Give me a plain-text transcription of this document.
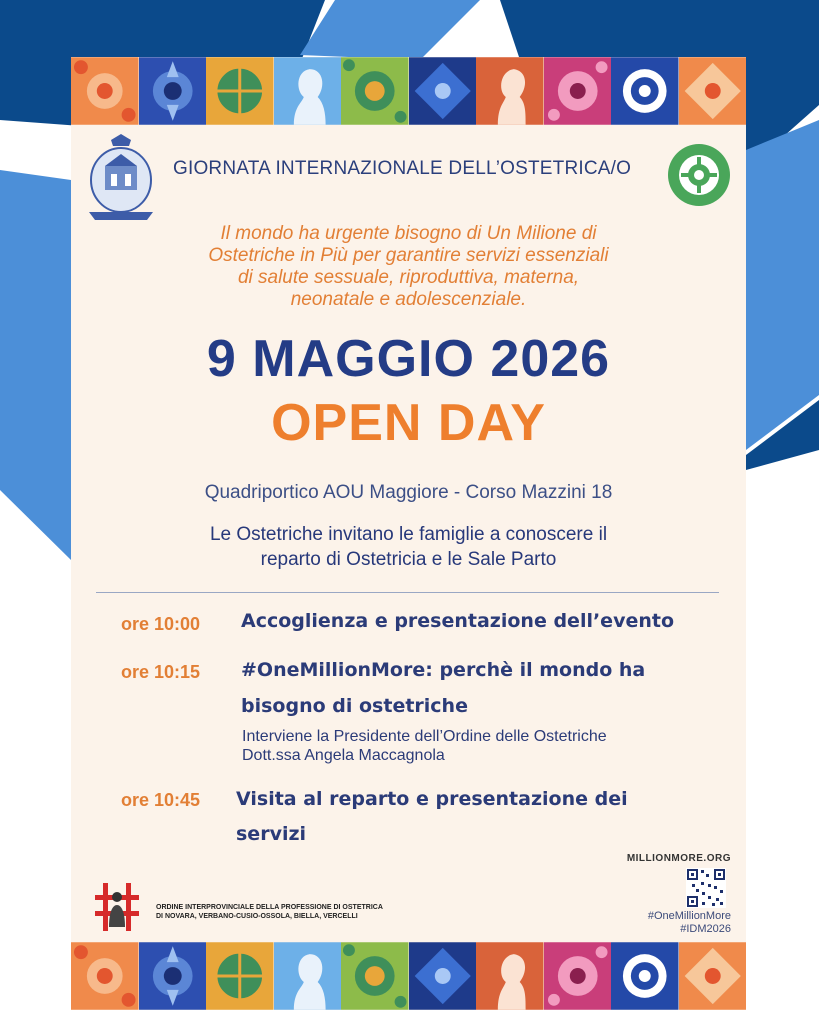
GIORNATA INTERNAZIONALE DELL’OSTETRICA/O
Il mondo ha urgente bisogno di Un Milione di
Ostetriche in Più per garantire servizi essenziali
di salute sessuale, riproduttiva, materna,
neonatale e adolescenziale.
9 MAGGIO 2026
OPEN DAY
Quadriportico AOU Maggiore - Corso Mazzini 18
Le Ostetriche invitano le famiglie a conoscere il
reparto di Ostetricia e le Sale Parto
ore 10:00 Accoglienza e presentazione dell’evento
ore 10:15 #OneMillionMore: perchè il mondo ha
bisogno di ostetriche
Interviene la Presidente dell’Ordine delle Ostetriche
Dott.ssa Angela Maccagnola
ore 10:45 Visita al reparto e presentazione dei
servizi
MILLIONMORE.ORG
#OneMillionMore
#IDM2026
ORDINE INTERPROVINCIALE DELLA PROFESSIONE DI OSTETRICA
DI NOVARA, VERBANO-CUSIO-OSSOLA, BIELLA, VERCELLI
